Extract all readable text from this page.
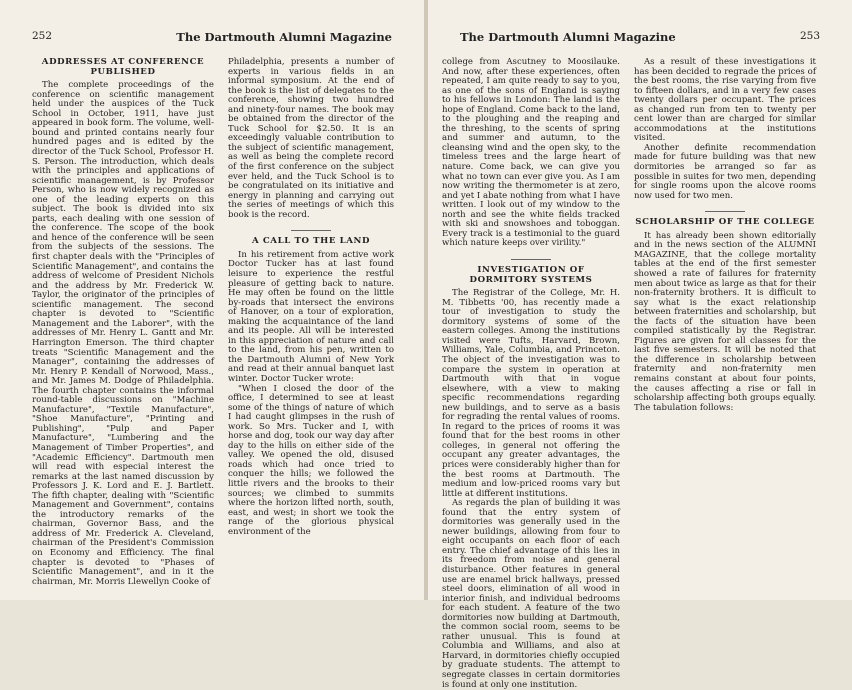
252	The Dartmouth Alumni Magazine
ADDRESSES AT CONFERENCE PUBLISHED

The complete proceedings of the conference on scientific management held under the auspices of the Tuck School in October, 1911, have just appeared in book form. The volume, well-bound and printed contains nearly four hundred pages and is edited by the director of the Tuck School, Professor H. S. Person. The introduction, which deals with the principles and applications of scientific management, is by Professor Person, who is now widely recognized as one of the leading experts on this subject. The book is divided into six parts, each dealing with one session of the conference. The scope of the book and hence of the conference will be seen from the subjects of the sessions. The first chapter deals with the "Principles of Scientific Management", and contains the address of welcome of President Nichols and the address by Mr. Frederick W. Taylor, the originator of the principles of scientific management. The second chapter is devoted to "Scientific Management and the Laborer", with the addresses of Mr. Henry L. Gantt and Mr. Harrington Emerson. The third chapter treats "Scientific Management and the Manager", containing the addresses of Mr. Henry P. Kendall of Norwood, Mass., and Mr. James M. Dodge of Philadelphia. The fourth chapter contains the informal round-table discussions on "Machine Manufacture", "Textile Manufacture", "Shoe Manufacture", "Printing and Publishing", "Pulp and Paper Manufacture", "Lumbering and the Management of Timber Properties", and "Academic Efficiency". Dartmouth men will read with especial interest the remarks at the last named discussion by Professors J. K. Lord and E. J. Bartlett. The fifth chapter, dealing with "Scientific Management and Government", contains the introductory remarks of the chairman, Governor Bass, and the address of Mr. Frederick A. Cleveland, chairman of the President's Commission on Economy and Efficiency. The final chapter is devoted to "Phases of Scientific Management", and in it the chairman, Mr. Morris Llewellyn Cooke of

Philadelphia, presents a number of experts in various fields in an informal symposium. At the end of the book is the list of delegates to the conference, showing two hundred and ninety-four names. The book may be obtained from the director of the Tuck School for $2.50. It is an exceedingly valuable contribution to the subject of scientific management, as well as being the complete record of the first conference on the subject ever held, and the Tuck School is to be congratulated on its initiative and energy in planning and carrying out the series of meetings of which this book is the record.

A CALL TO THE LAND

In his retirement from active work Doctor Tucker has at last found leisure to experience the restful pleasure of getting back to nature. He may often be found on the little by-roads that intersect the environs of Hanover, on a tour of exploration, making the acquaintance of the land and its people. All will be interested in this appreciation of nature and call to the land, from his pen, written to the Dartmouth Alumni of New York and read at their annual banquet last winter. Doctor Tucker wrote:

"When I closed the door of the office, I determined to see at least some of the things of nature of which I had caught glimpses in the rush of work. So Mrs. Tucker and I, with horse and dog, took our way day after day to the hills on either side of the valley. We opened the old, disused roads which had once tried to conquer the hills; we followed the little rivers and the brooks to their sources; we climbed to summits where the horizon lifted north, south, east, and west; in short we took the range of the glorious physical environment of the

The Dartmouth Alumni Magazine	253

college from Ascutney to Moosilauke. And now, after these experiences, often repeated, I am quite ready to say to you, as one of the sons of England is saying to his fellows in London: The land is the hope of England. Come back to the land, to the ploughing and the reaping and the threshing, to the scents of spring and summer and autumn, to the cleansing wind and the open sky, to the timeless trees and the large heart of nature. Come back, we can give you what no town can ever give you. As I am now writing the thermometer is at zero, and yet I abate nothing from what I have written. I look out of my window to the north and see the white fields tracked with ski and snowshoes and toboggan. Every track is a testimonial to the guard which nature keeps over virility."

INVESTIGATION OF DORMITORY SYSTEMS

The Registrar of the College, Mr. H. M. Tibbetts '00, has recently made a tour of investigation to study the dormitory systems of some of the eastern colleges. Among the institutions visited were Tufts, Harvard, Brown, Williams, Yale, Columbia, and Princeton. The object of the investigation was to compare the system in operation at Dartmouth with that in vogue elsewhere, with a view to making specific recommendations regarding new buildings, and to serve as a basis for regrading the rental values of rooms. In regard to the prices of rooms it was found that for the best rooms in other colleges, in general not offering the occupant any greater advantages, the prices were considerably higher than for the best rooms at Dartmouth. The medium and low-priced rooms vary but little at different institutions.

As regards the plan of building it was found that the entry system of dormitories was generally used in the newer buildings, allowing from four to eight occupants on each floor of each entry. The chief advantage of this lies in its freedom from noise and general disturbance. Other features in general use are enamel brick hallways, pressed steel doors, elimination of all wood in interior finish, and individual bedrooms for each student. A feature of the two dormitories now building at Dartmouth, the common social room, seems to be rather unusual. This is found at Columbia and Williams, and also at Harvard, in dormitories chiefly occupied by graduate students. The attempt to segregate classes in certain dormitories is found at only one institution.

As a result of these investigations it has been decided to regrade the prices of the best rooms, the rise varying from five to fifteen dollars, and in a very few cases twenty dollars per occupant. The prices as changed run from ten to twenty per cent lower than are charged for similar accommodations at the institutions visited.

Another definite recommendation made for future building was that new dormitories be arranged so far as possible in suites for two men, depending for single rooms upon the alcove rooms now used for two men.

SCHOLARSHIP OF THE COLLEGE

It has already been shown editorially and in the news section of the ALUMNI MAGAZINE, that the college mortality tables at the end of the first semester showed a rate of failures for fraternity men about twice as large as that for their non-fraternity brothers. It is difficult to say what is the exact relationship between fraternities and scholarship, but the facts of the situation have been compiled statistically by the Registrar. Figures are given for all classes for the last five semesters. It will be noted that the difference in scholarship between fraternity and non-fraternity men remains constant at about four points, the causes affecting a rise or fall in scholarship affecting both groups equally. The tabulation follows:
